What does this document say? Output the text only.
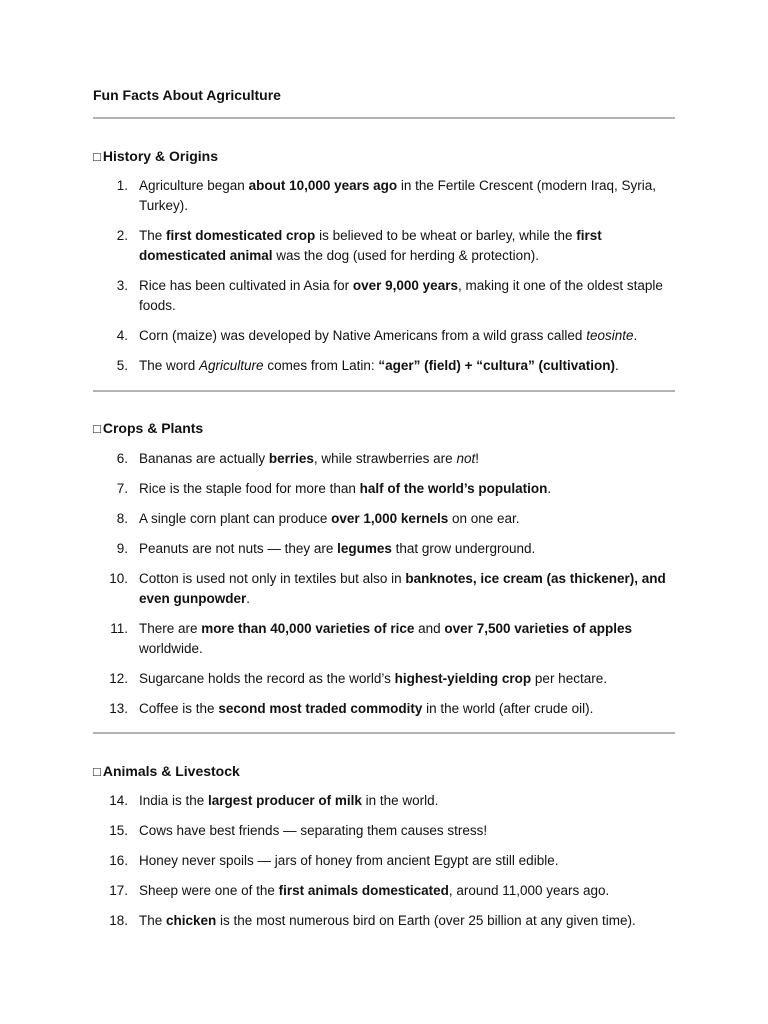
Fun Facts About Agriculture
□ History & Origins
1. Agriculture began about 10,000 years ago in the Fertile Crescent (modern Iraq, Syria, Turkey).
2. The first domesticated crop is believed to be wheat or barley, while the first domesticated animal was the dog (used for herding & protection).
3. Rice has been cultivated in Asia for over 9,000 years, making it one of the oldest staple foods.
4. Corn (maize) was developed by Native Americans from a wild grass called teosinte.
5. The word Agriculture comes from Latin: “ager” (field) + “cultura” (cultivation).
□ Crops & Plants
6. Bananas are actually berries, while strawberries are not!
7. Rice is the staple food for more than half of the world’s population.
8. A single corn plant can produce over 1,000 kernels on one ear.
9. Peanuts are not nuts — they are legumes that grow underground.
10. Cotton is used not only in textiles but also in banknotes, ice cream (as thickener), and even gunpowder.
11. There are more than 40,000 varieties of rice and over 7,500 varieties of apples worldwide.
12. Sugarcane holds the record as the world’s highest-yielding crop per hectare.
13. Coffee is the second most traded commodity in the world (after crude oil).
□ Animals & Livestock
14. India is the largest producer of milk in the world.
15. Cows have best friends — separating them causes stress!
16. Honey never spoils — jars of honey from ancient Egypt are still edible.
17. Sheep were one of the first animals domesticated, around 11,000 years ago.
18. The chicken is the most numerous bird on Earth (over 25 billion at any given time).
